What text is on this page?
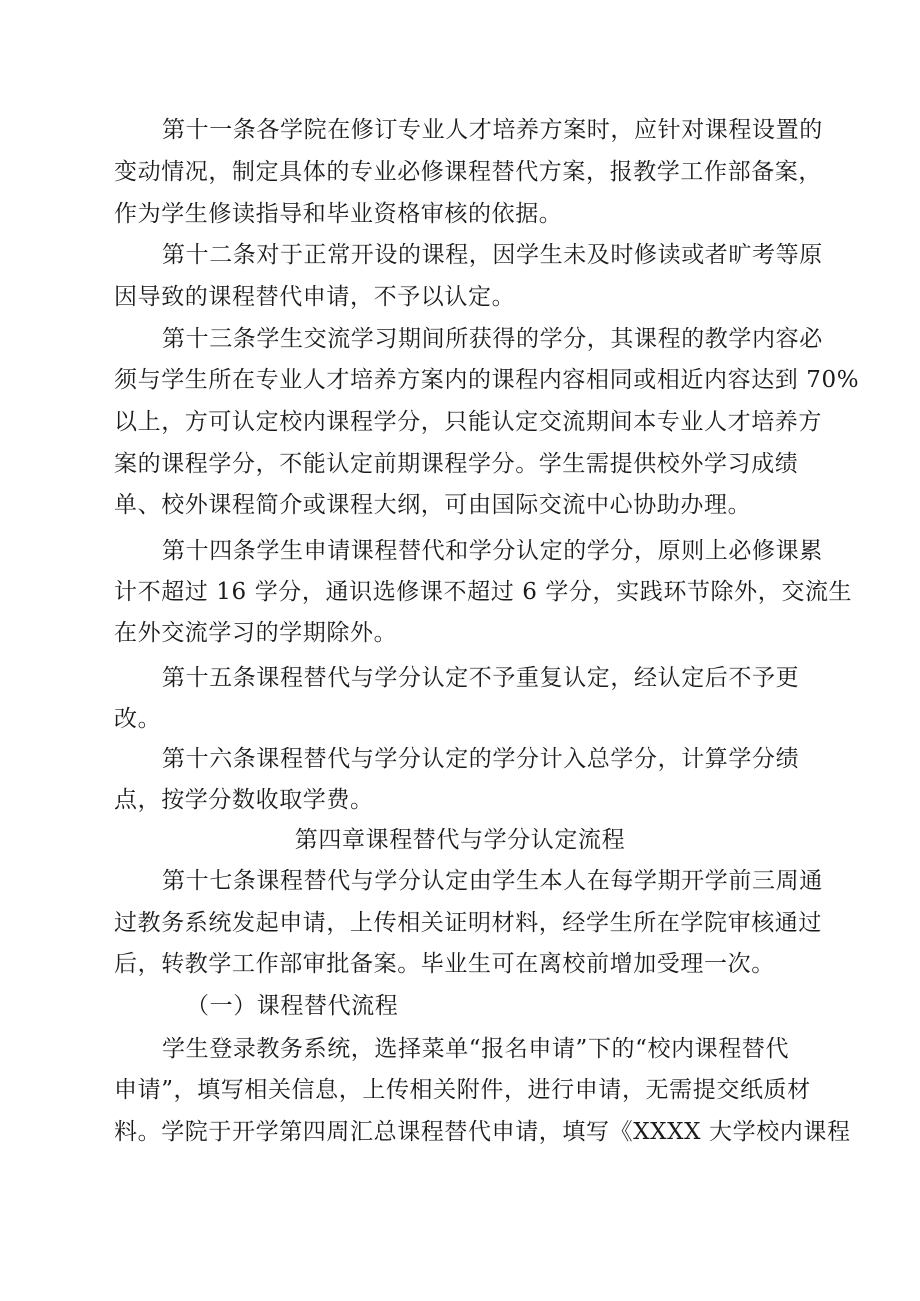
第十一条各学院在修订专业人才培养方案时，应针对课程设置的
变动情况，制定具体的专业必修课程替代方案，报教学工作部备案，
作为学生修读指导和毕业资格审核的依据。
第十二条对于正常开设的课程，因学生未及时修读或者旷考等原
因导致的课程替代申请，不予以认定。
第十三条学生交流学习期间所获得的学分，其课程的教学内容必
须与学生所在专业人才培养方案内的课程内容相同或相近内容达到 70%
以上，方可认定校内课程学分，只能认定交流期间本专业人才培养方
案的课程学分，不能认定前期课程学分。学生需提供校外学习成绩
单、校外课程简介或课程大纲，可由国际交流中心协助办理。
第十四条学生申请课程替代和学分认定的学分，原则上必修课累
计不超过 16 学分，通识选修课不超过 6 学分，实践环节除外，交流生
在外交流学习的学期除外。
第十五条课程替代与学分认定不予重复认定，经认定后不予更
改。
第十六条课程替代与学分认定的学分计入总学分，计算学分绩
点，按学分数收取学费。
第四章课程替代与学分认定流程
第十七条课程替代与学分认定由学生本人在每学期开学前三周通
过教务系统发起申请，上传相关证明材料，经学生所在学院审核通过
后，转教学工作部审批备案。毕业生可在离校前增加受理一次。
（一）课程替代流程
学生登录教务系统，选择菜单“报名申请”下的“校内课程替代
申请”，填写相关信息，上传相关附件，进行申请，无需提交纸质材
料。学院于开学第四周汇总课程替代申请，填写《XXXX 大学校内课程
